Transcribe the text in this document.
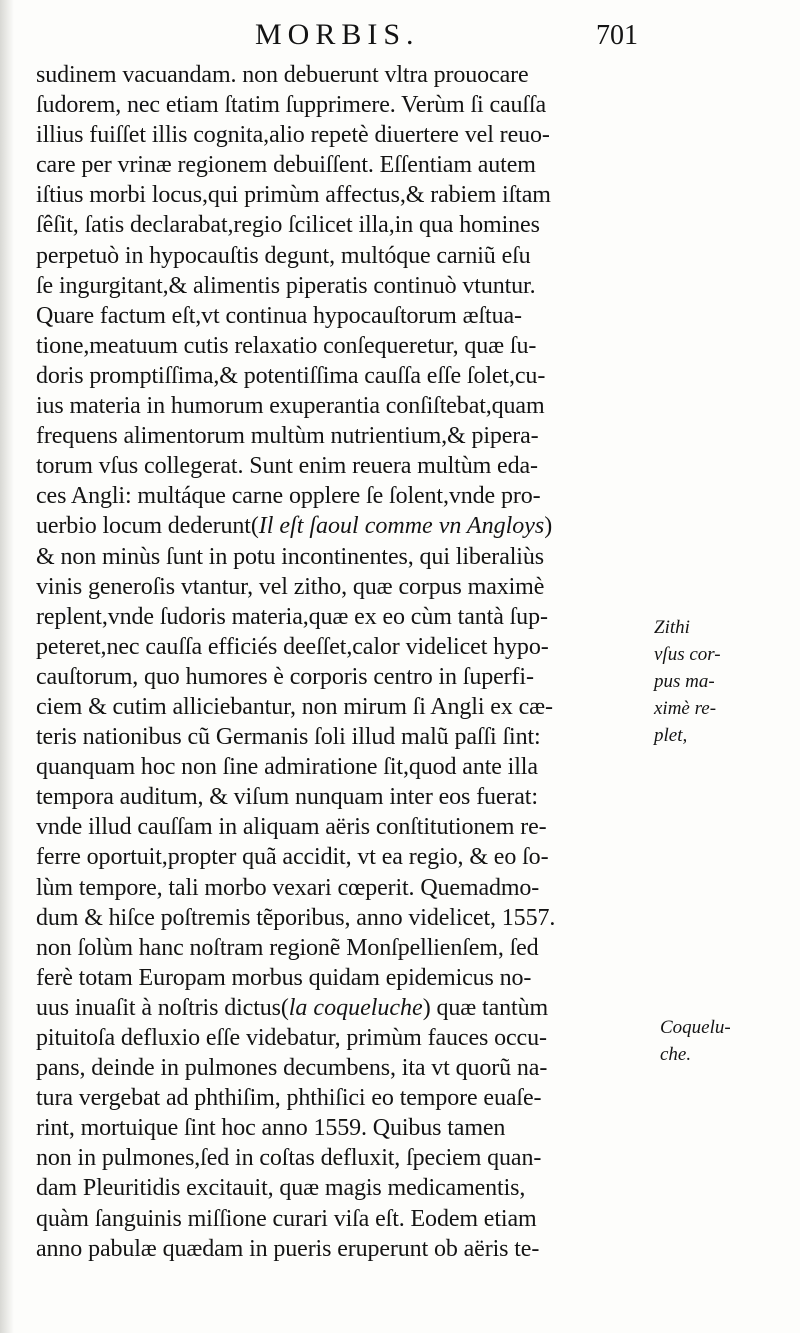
MORBIS.	701
sudinem vacuandam. non debuerunt vltra prouocare
ſudorem, nec etiam ſtatim ſupprimere. Verùm ſi cauſſa
illius fuiſſet illis cognita,alio repetè diuertere vel reuo-
care per vrinæ regionem debuiſſent. Eſſentiam autem
iſtius morbi locus,qui primùm affectus,& rabiem iſtam
ſêſit, ſatis declarabat,regio ſcilicet illa,in qua homines
perpetuò in hypocauſtis degunt, multóque carniũ eſu
ſe ingurgitant,& alimentis piperatis continuò vtuntur.
Quare factum eſt,vt continua hypocauſtorum æſtua-
tione,meatuum cutis relaxatio conſequeretur, quæ ſu-
doris promptiſſima,& potentiſſima cauſſa eſſe ſolet,cu-
ius materia in humorum exuperantia conſiſtebat,quam
frequens alimentorum multùm nutrientium,& pipera-
torum vſus collegerat. Sunt enim reuera multùm eda-
ces Angli: multáque carne opplere ſe ſolent,vnde pro-
uerbio locum dederunt(Il eſt ſaoul comme vn Angloys)
& non minùs ſunt in potu incontinentes, qui liberaliùs
vinis generoſis vtantur, vel zitho, quæ corpus maximè
replent,vnde ſudoris materia,quæ ex eo cùm tantà ſup-
peteret,nec cauſſa efficiés deeſſet,calor videlicet hypo-
cauſtorum, quo humores è corporis centro in ſuperfi-
ciem & cutim alliciebantur, non mirum ſi Angli ex cæ-
teris nationibus cũ Germanis ſoli illud malũ paſſi ſint:
quanquam hoc non ſine admiratione ſit,quod ante illa
tempora auditum, & viſum nunquam inter eos fuerat:
vnde illud cauſſam in aliquam aëris conſtitutionem re-
ferre oportuit,propter quã accidit, vt ea regio, & eo ſo-
lùm tempore, tali morbo vexari cœperit. Quemadmo-
dum & hiſce poſtremis tẽporibus, anno videlicet, 1557.
non ſolùm hanc noſtram regionẽ Monſpellienſem, ſed
ferè totam Europam morbus quidam epidemicus no-
uus inuaſit à noſtris dictus(la coqueluche) quæ tantùm
pituitoſa defluxio eſſe videbatur, primùm fauces occu-
pans, deinde in pulmones decumbens, ita vt quorũ na-
tura vergebat ad phthiſim, phthiſici eo tempore euaſe-
rint, mortuique ſint hoc anno 1559. Quibus tamen
non in pulmones,ſed in coſtas defluxit, ſpeciem quan-
dam Pleuritidis excitauit, quæ magis medicamentis,
quàm ſanguinis miſſione curari viſa eſt. Eodem etiam
anno pabulæ quædam in pueris eruperunt ob aëris te-
Zithi
vſus cor-
pus ma-
ximè re-
plet,
Coquelu-
che.
